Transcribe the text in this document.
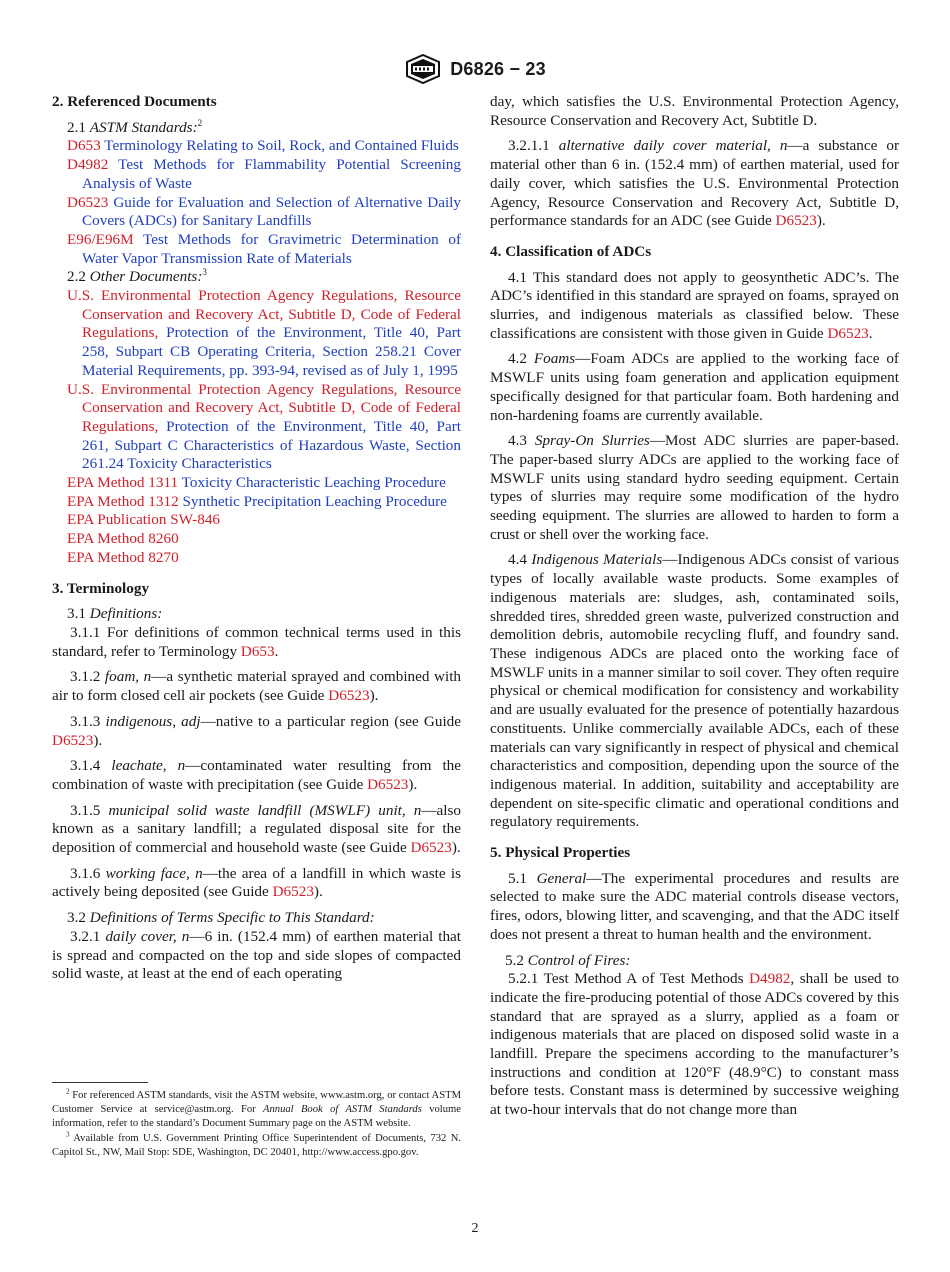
D6826 − 23
2. Referenced Documents
2.1 ASTM Standards:$^2$
D653 Terminology Relating to Soil, Rock, and Contained Fluids
D4982 Test Methods for Flammability Potential Screening Analysis of Waste
D6523 Guide for Evaluation and Selection of Alternative Daily Covers (ADCs) for Sanitary Landfills
E96/E96M Test Methods for Gravimetric Determination of Water Vapor Transmission Rate of Materials
2.2 Other Documents:$^3$
U.S. Environmental Protection Agency Regulations, Resource Conservation and Recovery Act, Subtitle D, Code of Federal Regulations, Protection of the Environment, Title 40, Part 258, Subpart CB Operating Criteria, Section 258.21 Cover Material Requirements, pp. 393-94, revised as of July 1, 1995
U.S. Environmental Protection Agency Regulations, Resource Conservation and Recovery Act, Subtitle D, Code of Federal Regulations, Protection of the Environment, Title 40, Part 261, Subpart C Characteristics of Hazardous Waste, Section 261.24 Toxicity Characteristics
EPA Method 1311 Toxicity Characteristic Leaching Procedure
EPA Method 1312 Synthetic Precipitation Leaching Procedure
EPA Publication SW-846
EPA Method 8260
EPA Method 8270
3. Terminology
3.1 Definitions:
3.1.1 For definitions of common technical terms used in this standard, refer to Terminology D653.
3.1.2 foam, n—a synthetic material sprayed and combined with air to form closed cell air pockets (see Guide D6523).
3.1.3 indigenous, adj—native to a particular region (see Guide D6523).
3.1.4 leachate, n—contaminated water resulting from the combination of waste with precipitation (see Guide D6523).
3.1.5 municipal solid waste landfill (MSWLF) unit, n—also known as a sanitary landfill; a regulated disposal site for the deposition of commercial and household waste (see Guide D6523).
3.1.6 working face, n—the area of a landfill in which waste is actively being deposited (see Guide D6523).
3.2 Definitions of Terms Specific to This Standard:
3.2.1 daily cover, n—6 in. (152.4 mm) of earthen material that is spread and compacted on the top and side slopes of compacted solid waste, at least at the end of each operating
$^2$ For referenced ASTM standards, visit the ASTM website, www.astm.org, or contact ASTM Customer Service at service@astm.org. For Annual Book of ASTM Standards volume information, refer to the standard’s Document Summary page on the ASTM website.
$^3$ Available from U.S. Government Printing Office Superintendent of Documents, 732 N. Capitol St., NW, Mail Stop: SDE, Washington, DC 20401, http://www.access.gpo.gov.
day, which satisfies the U.S. Environmental Protection Agency, Resource Conservation and Recovery Act, Subtitle D.
3.2.1.1 alternative daily cover material, n—a substance or material other than 6 in. (152.4 mm) of earthen material, used for daily cover, which satisfies the U.S. Environmental Protection Agency, Resource Conservation and Recovery Act, Subtitle D, performance standards for an ADC (see Guide D6523).
4. Classification of ADCs
4.1 This standard does not apply to geosynthetic ADC’s. The ADC’s identified in this standard are sprayed on foams, sprayed on slurries, and indigenous materials as classified below. These classifications are consistent with those given in Guide D6523.
4.2 Foams—Foam ADCs are applied to the working face of MSWLF units using foam generation and application equipment specifically designed for that particular foam. Both hardening and non-hardening foams are currently available.
4.3 Spray-On Slurries—Most ADC slurries are paper-based. The paper-based slurry ADCs are applied to the working face of MSWLF units using standard hydro seeding equipment. Certain types of slurries may require some modification of the hydro seeding equipment. The slurries are allowed to harden to form a crust or shell over the working face.
4.4 Indigenous Materials—Indigenous ADCs consist of various types of locally available waste products. Some examples of indigenous materials are: sludges, ash, contaminated soils, shredded tires, shredded green waste, pulverized construction and demolition debris, automobile recycling fluff, and foundry sand. These indigenous ADCs are placed onto the working face of MSWLF units in a manner similar to soil cover. They often require physical or chemical modification for consistency and workability and are usually evaluated for the presence of potentially hazardous constituents. Unlike commercially available ADCs, each of these materials can vary significantly in respect of physical and chemical characteristics and composition, depending upon the source of the indigenous material. In addition, suitability and acceptability are dependent on site-specific climatic and operational conditions and regulatory requirements.
5. Physical Properties
5.1 General—The experimental procedures and results are selected to make sure the ADC material controls disease vectors, fires, odors, blowing litter, and scavenging, and that the ADC itself does not present a threat to human health and the environment.
5.2 Control of Fires:
5.2.1 Test Method A of Test Methods D4982, shall be used to indicate the fire-producing potential of those ADCs covered by this standard that are sprayed as a slurry, applied as a foam or indigenous materials that are placed on disposed solid waste in a landfill. Prepare the specimens according to the manufacturer’s instructions and condition at 120°F (48.9°C) to constant mass before tests. Constant mass is determined by successive weighing at two-hour intervals that do not change more than
2
